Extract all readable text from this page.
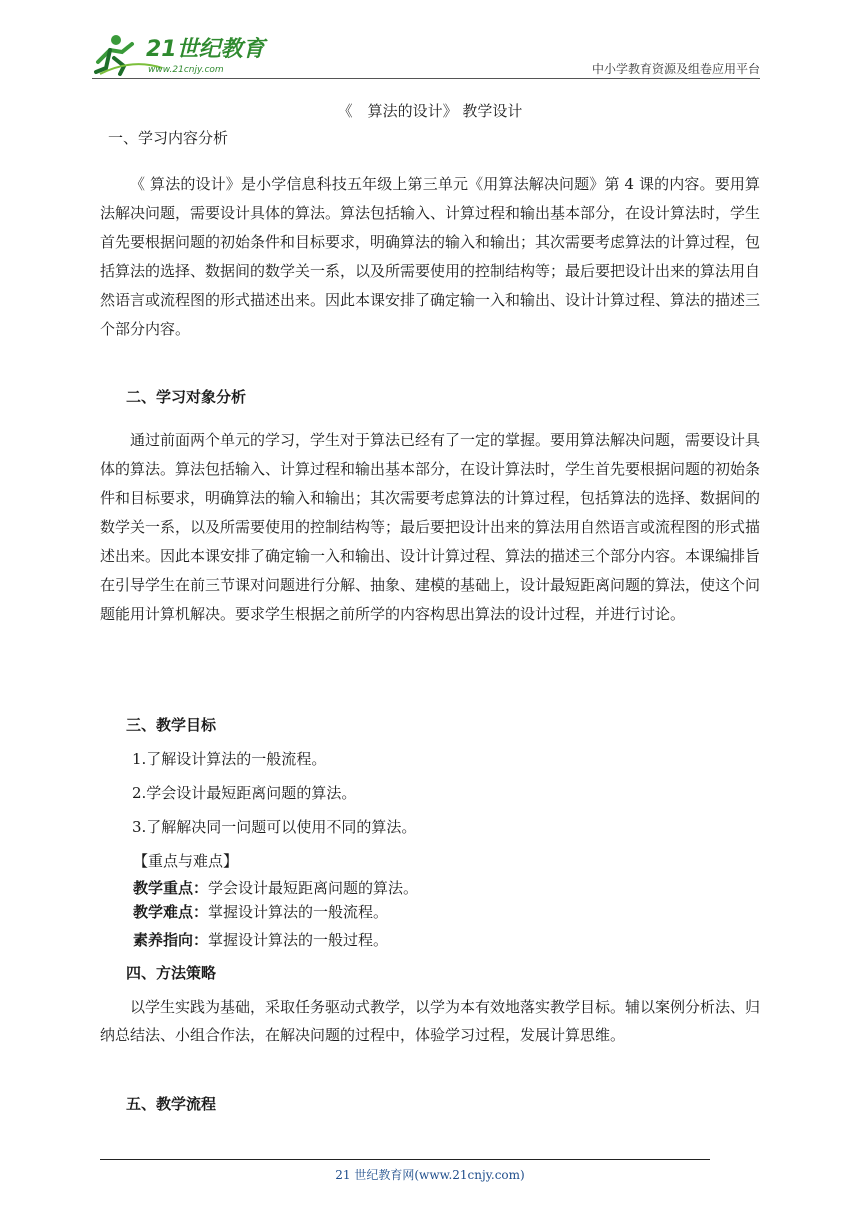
21世纪教育
www.21cnjy.com	中小学教育资源及组卷应用平台
《　算法的设计》 教学设计
一、学习内容分析
《 算法的设计》是小学信息科技五年级上第三单元《用算法解决问题》第 4 课的内容。要用算法解决问题，需要设计具体的算法。算法包括输入、计算过程和输出基本部分，在设计算法时，学生首先要根据问题的初始条件和目标要求，明确算法的输入和输出；其次需要考虑算法的计算过程，包括算法的选择、数据间的数学关一系，以及所需要使用的控制结构等；最后要把设计出来的算法用自然语言或流程图的形式描述出来。因此本课安排了确定输一入和输出、设计计算过程、算法的描述三个部分内容。
二、学习对象分析
通过前面两个单元的学习，学生对于算法已经有了一定的掌握。要用算法解决问题，需要设计具体的算法。算法包括输入、计算过程和输出基本部分，在设计算法时，学生首先要根据问题的初始条件和目标要求，明确算法的输入和输出；其次需要考虑算法的计算过程，包括算法的选择、数据间的数学关一系，以及所需要使用的控制结构等；最后要把设计出来的算法用自然语言或流程图的形式描述出来。因此本课安排了确定输一入和输出、设计计算过程、算法的描述三个部分内容。本课编排旨在引导学生在前三节课对问题进行分解、抽象、建模的基础上，设计最短距离问题的算法，使这个问题能用计算机解决。要求学生根据之前所学的内容构思出算法的设计过程，并进行讨论。
三、教学目标
1.了解设计算法的一般流程。
2.学会设计最短距离问题的算法。
3.了解解决同一问题可以使用不同的算法。
【重点与难点】
教学重点：学会设计最短距离问题的算法。
教学难点：掌握设计算法的一般流程。
素养指向：掌握设计算法的一般过程。
四、方法策略
以学生实践为基础，采取任务驱动式教学，以学为本有效地落实教学目标。辅以案例分析法、归纳总结法、小组合作法，在解决问题的过程中，体验学习过程，发展计算思维。
五、教学流程
21 世纪教育网(www.21cnjy.com)
